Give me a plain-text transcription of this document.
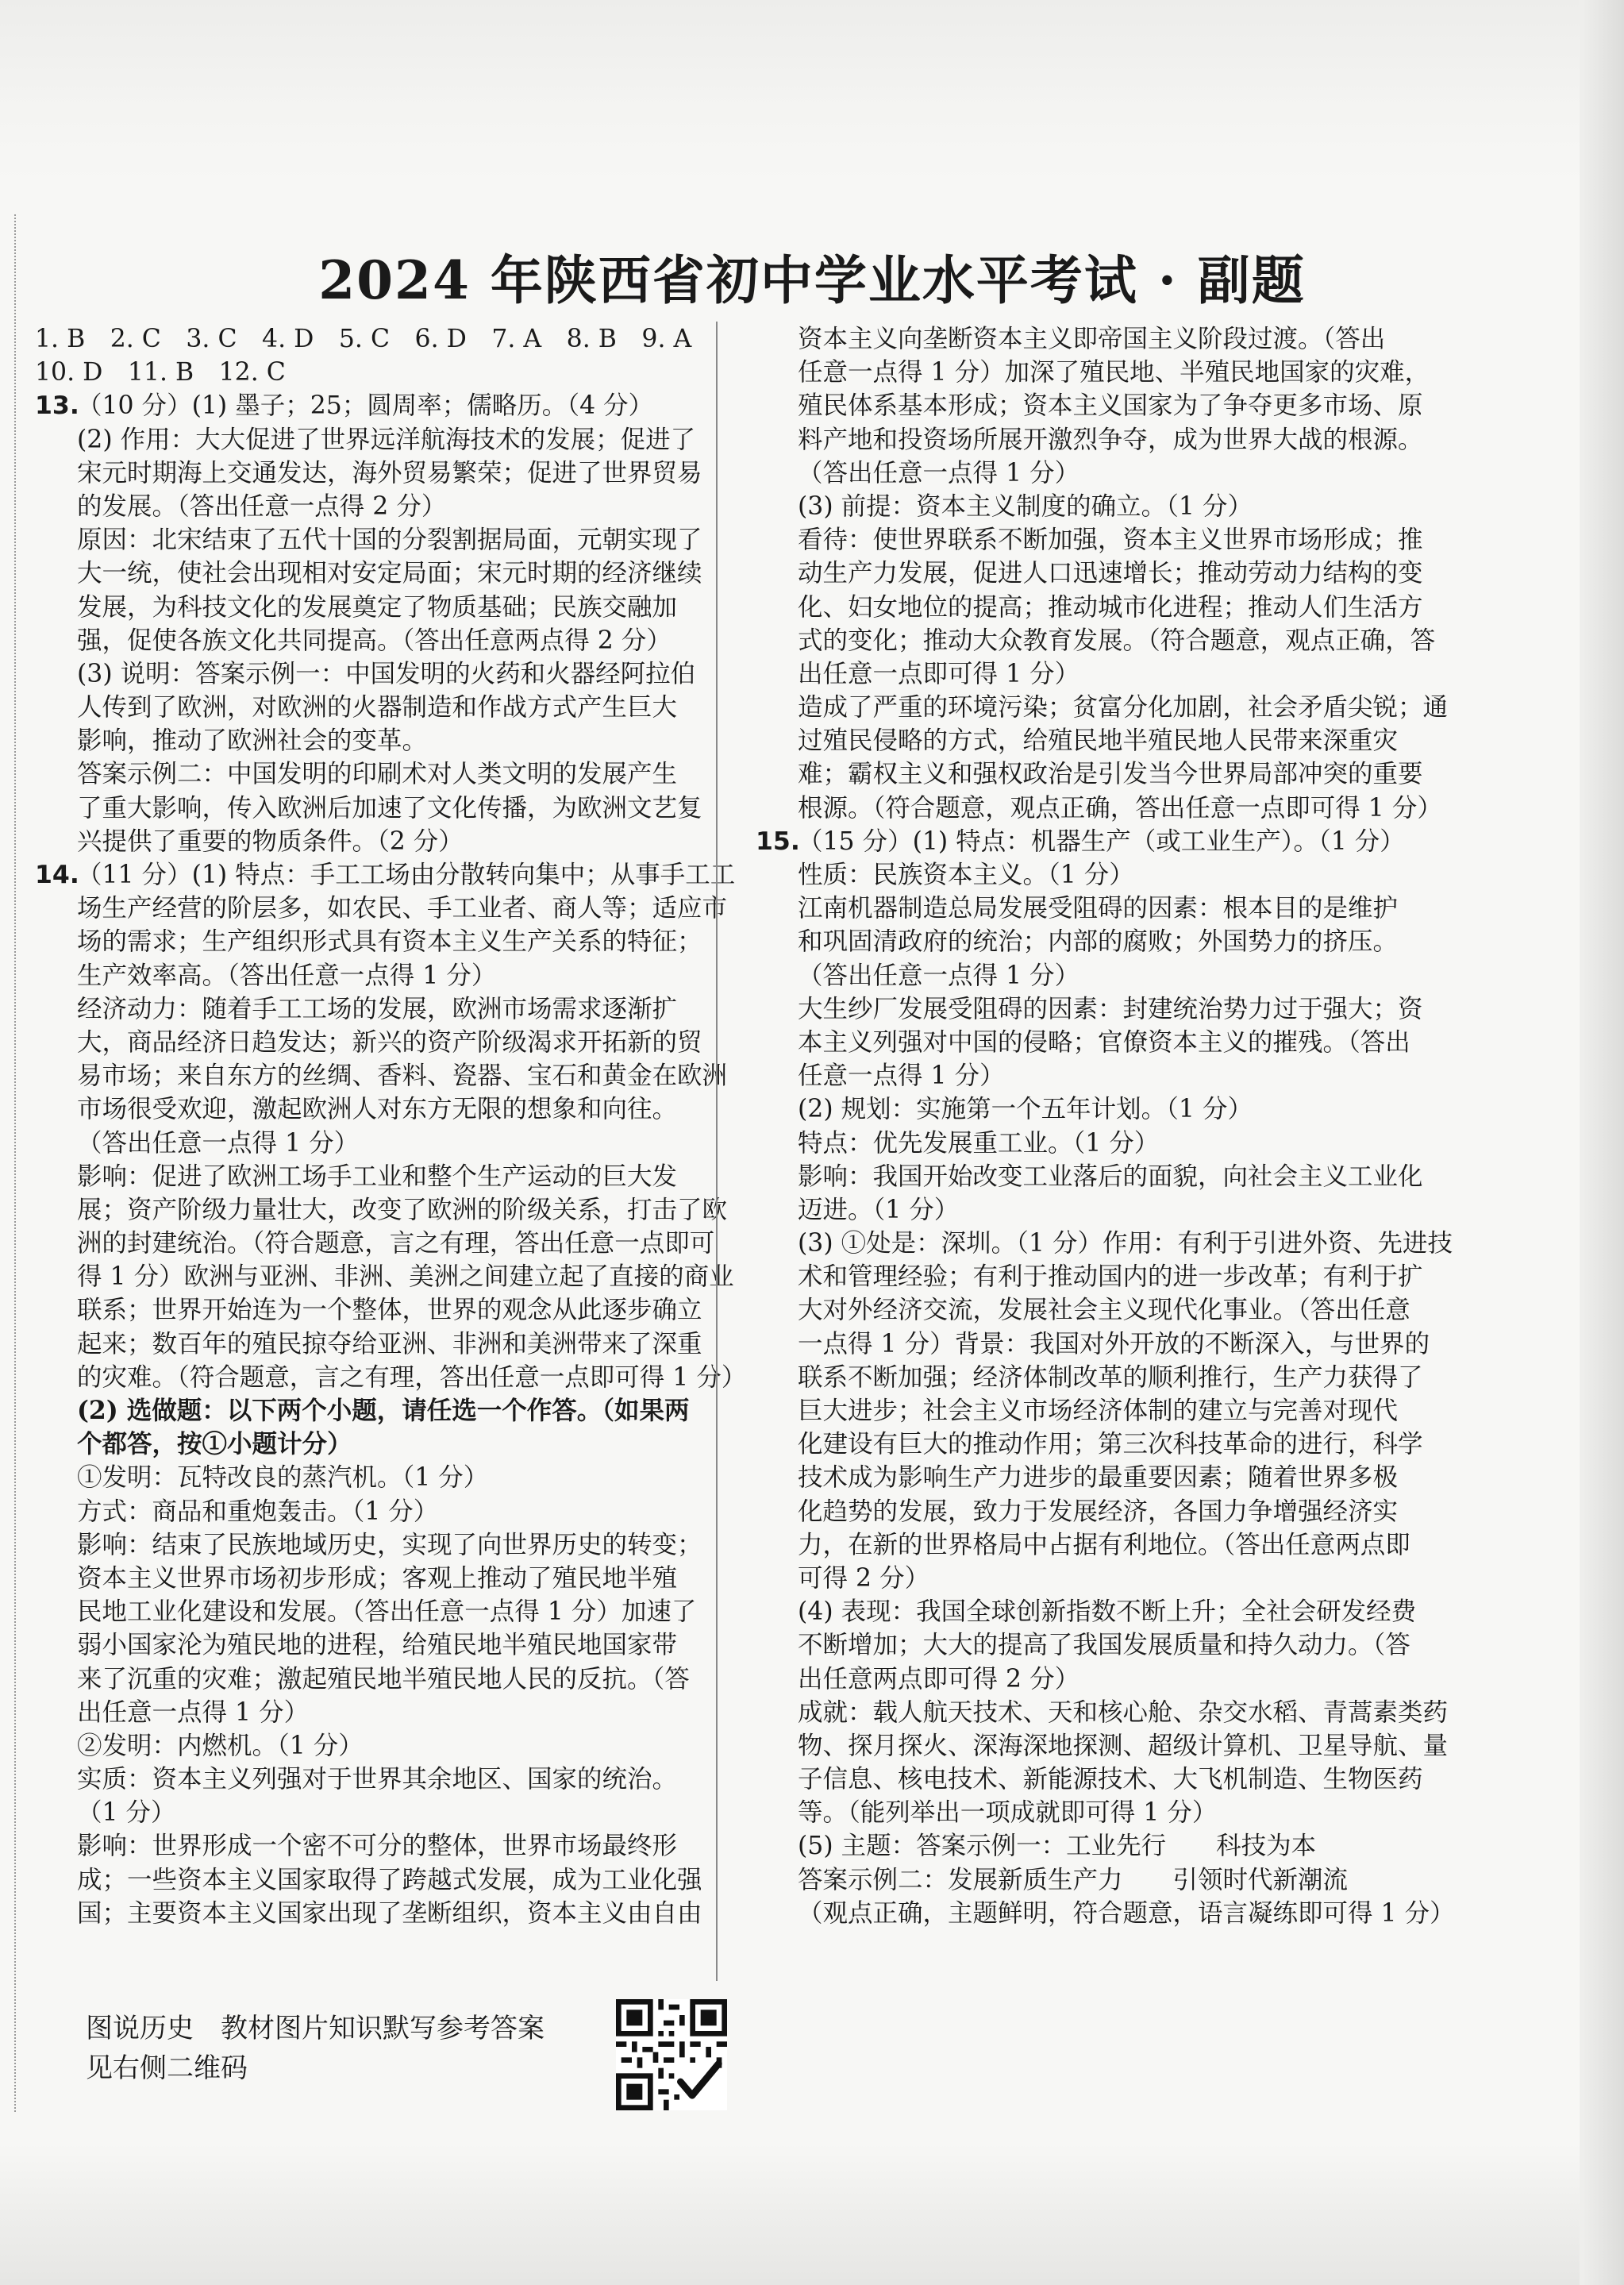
2024 年陕西省初中学业水平考试 · 副题
1. B　2. C　3. C　4. D　5. C　6. D　7. A　8. B　9. A
10. D　11. B　12. C
13.（10 分）(1) 墨子；25；圆周率；儒略历。（4 分）
(2) 作用：大大促进了世界远洋航海技术的发展；促进了
宋元时期海上交通发达，海外贸易繁荣；促进了世界贸易
的发展。（答出任意一点得 2 分）
原因：北宋结束了五代十国的分裂割据局面，元朝实现了
大一统，使社会出现相对安定局面；宋元时期的经济继续
发展，为科技文化的发展奠定了物质基础；民族交融加
强，促使各族文化共同提高。（答出任意两点得 2 分）
(3) 说明：答案示例一：中国发明的火药和火器经阿拉伯
人传到了欧洲，对欧洲的火器制造和作战方式产生巨大
影响，推动了欧洲社会的变革。
答案示例二：中国发明的印刷术对人类文明的发展产生
了重大影响，传入欧洲后加速了文化传播，为欧洲文艺复
兴提供了重要的物质条件。（2 分）
14.（11 分）(1) 特点：手工工场由分散转向集中；从事手工工
场生产经营的阶层多，如农民、手工业者、商人等；适应市
场的需求；生产组织形式具有资本主义生产关系的特征；
生产效率高。（答出任意一点得 1 分）
经济动力：随着手工工场的发展，欧洲市场需求逐渐扩
大，商品经济日趋发达；新兴的资产阶级渴求开拓新的贸
易市场；来自东方的丝绸、香料、瓷器、宝石和黄金在欧洲
市场很受欢迎，激起欧洲人对东方无限的想象和向往。
（答出任意一点得 1 分）
影响：促进了欧洲工场手工业和整个生产运动的巨大发
展；资产阶级力量壮大，改变了欧洲的阶级关系，打击了欧
洲的封建统治。（符合题意，言之有理，答出任意一点即可
得 1 分）欧洲与亚洲、非洲、美洲之间建立起了直接的商业
联系；世界开始连为一个整体，世界的观念从此逐步确立
起来；数百年的殖民掠夺给亚洲、非洲和美洲带来了深重
的灾难。（符合题意，言之有理，答出任意一点即可得 1 分）
(2) 选做题：以下两个小题，请任选一个作答。（如果两
个都答，按①小题计分）
①发明：瓦特改良的蒸汽机。（1 分）
方式：商品和重炮轰击。（1 分）
影响：结束了民族地域历史，实现了向世界历史的转变；
资本主义世界市场初步形成；客观上推动了殖民地半殖
民地工业化建设和发展。（答出任意一点得 1 分）加速了
弱小国家沦为殖民地的进程，给殖民地半殖民地国家带
来了沉重的灾难；激起殖民地半殖民地人民的反抗。（答
出任意一点得 1 分）
②发明：内燃机。（1 分）
实质：资本主义列强对于世界其余地区、国家的统治。
（1 分）
影响：世界形成一个密不可分的整体，世界市场最终形
成；一些资本主义国家取得了跨越式发展，成为工业化强
国；主要资本主义国家出现了垄断组织，资本主义由自由
资本主义向垄断资本主义即帝国主义阶段过渡。（答出
任意一点得 1 分）加深了殖民地、半殖民地国家的灾难，
殖民体系基本形成；资本主义国家为了争夺更多市场、原
料产地和投资场所展开激烈争夺，成为世界大战的根源。
（答出任意一点得 1 分）
(3) 前提：资本主义制度的确立。（1 分）
看待：使世界联系不断加强，资本主义世界市场形成；推
动生产力发展，促进人口迅速增长；推动劳动力结构的变
化、妇女地位的提高；推动城市化进程；推动人们生活方
式的变化；推动大众教育发展。（符合题意，观点正确，答
出任意一点即可得 1 分）
造成了严重的环境污染；贫富分化加剧，社会矛盾尖锐；通
过殖民侵略的方式，给殖民地半殖民地人民带来深重灾
难；霸权主义和强权政治是引发当今世界局部冲突的重要
根源。（符合题意，观点正确，答出任意一点即可得 1 分）
15.（15 分）(1) 特点：机器生产（或工业生产）。（1 分）
性质：民族资本主义。（1 分）
江南机器制造总局发展受阻碍的因素：根本目的是维护
和巩固清政府的统治；内部的腐败；外国势力的挤压。
（答出任意一点得 1 分）
大生纱厂发展受阻碍的因素：封建统治势力过于强大；资
本主义列强对中国的侵略；官僚资本主义的摧残。（答出
任意一点得 1 分）
(2) 规划：实施第一个五年计划。（1 分）
特点：优先发展重工业。（1 分）
影响：我国开始改变工业落后的面貌，向社会主义工业化
迈进。（1 分）
(3) ①处是：深圳。（1 分）作用：有利于引进外资、先进技
术和管理经验；有利于推动国内的进一步改革；有利于扩
大对外经济交流，发展社会主义现代化事业。（答出任意
一点得 1 分）背景：我国对外开放的不断深入，与世界的
联系不断加强；经济体制改革的顺利推行，生产力获得了
巨大进步；社会主义市场经济体制的建立与完善对现代
化建设有巨大的推动作用；第三次科技革命的进行，科学
技术成为影响生产力进步的最重要因素；随着世界多极
化趋势的发展，致力于发展经济，各国力争增强经济实
力，在新的世界格局中占据有利地位。（答出任意两点即
可得 2 分）
(4) 表现：我国全球创新指数不断上升；全社会研发经费
不断增加；大大的提高了我国发展质量和持久动力。（答
出任意两点即可得 2 分）
成就：载人航天技术、天和核心舱、杂交水稻、青蒿素类药
物、探月探火、深海深地探测、超级计算机、卫星导航、量
子信息、核电技术、新能源技术、大飞机制造、生物医药
等。（能列举出一项成就即可得 1 分）
(5) 主题：答案示例一：工业先行　　科技为本
答案示例二：发展新质生产力　　引领时代新潮流
（观点正确，主题鲜明，符合题意，语言凝练即可得 1 分）
图说历史　教材图片知识默写参考答案
见右侧二维码
